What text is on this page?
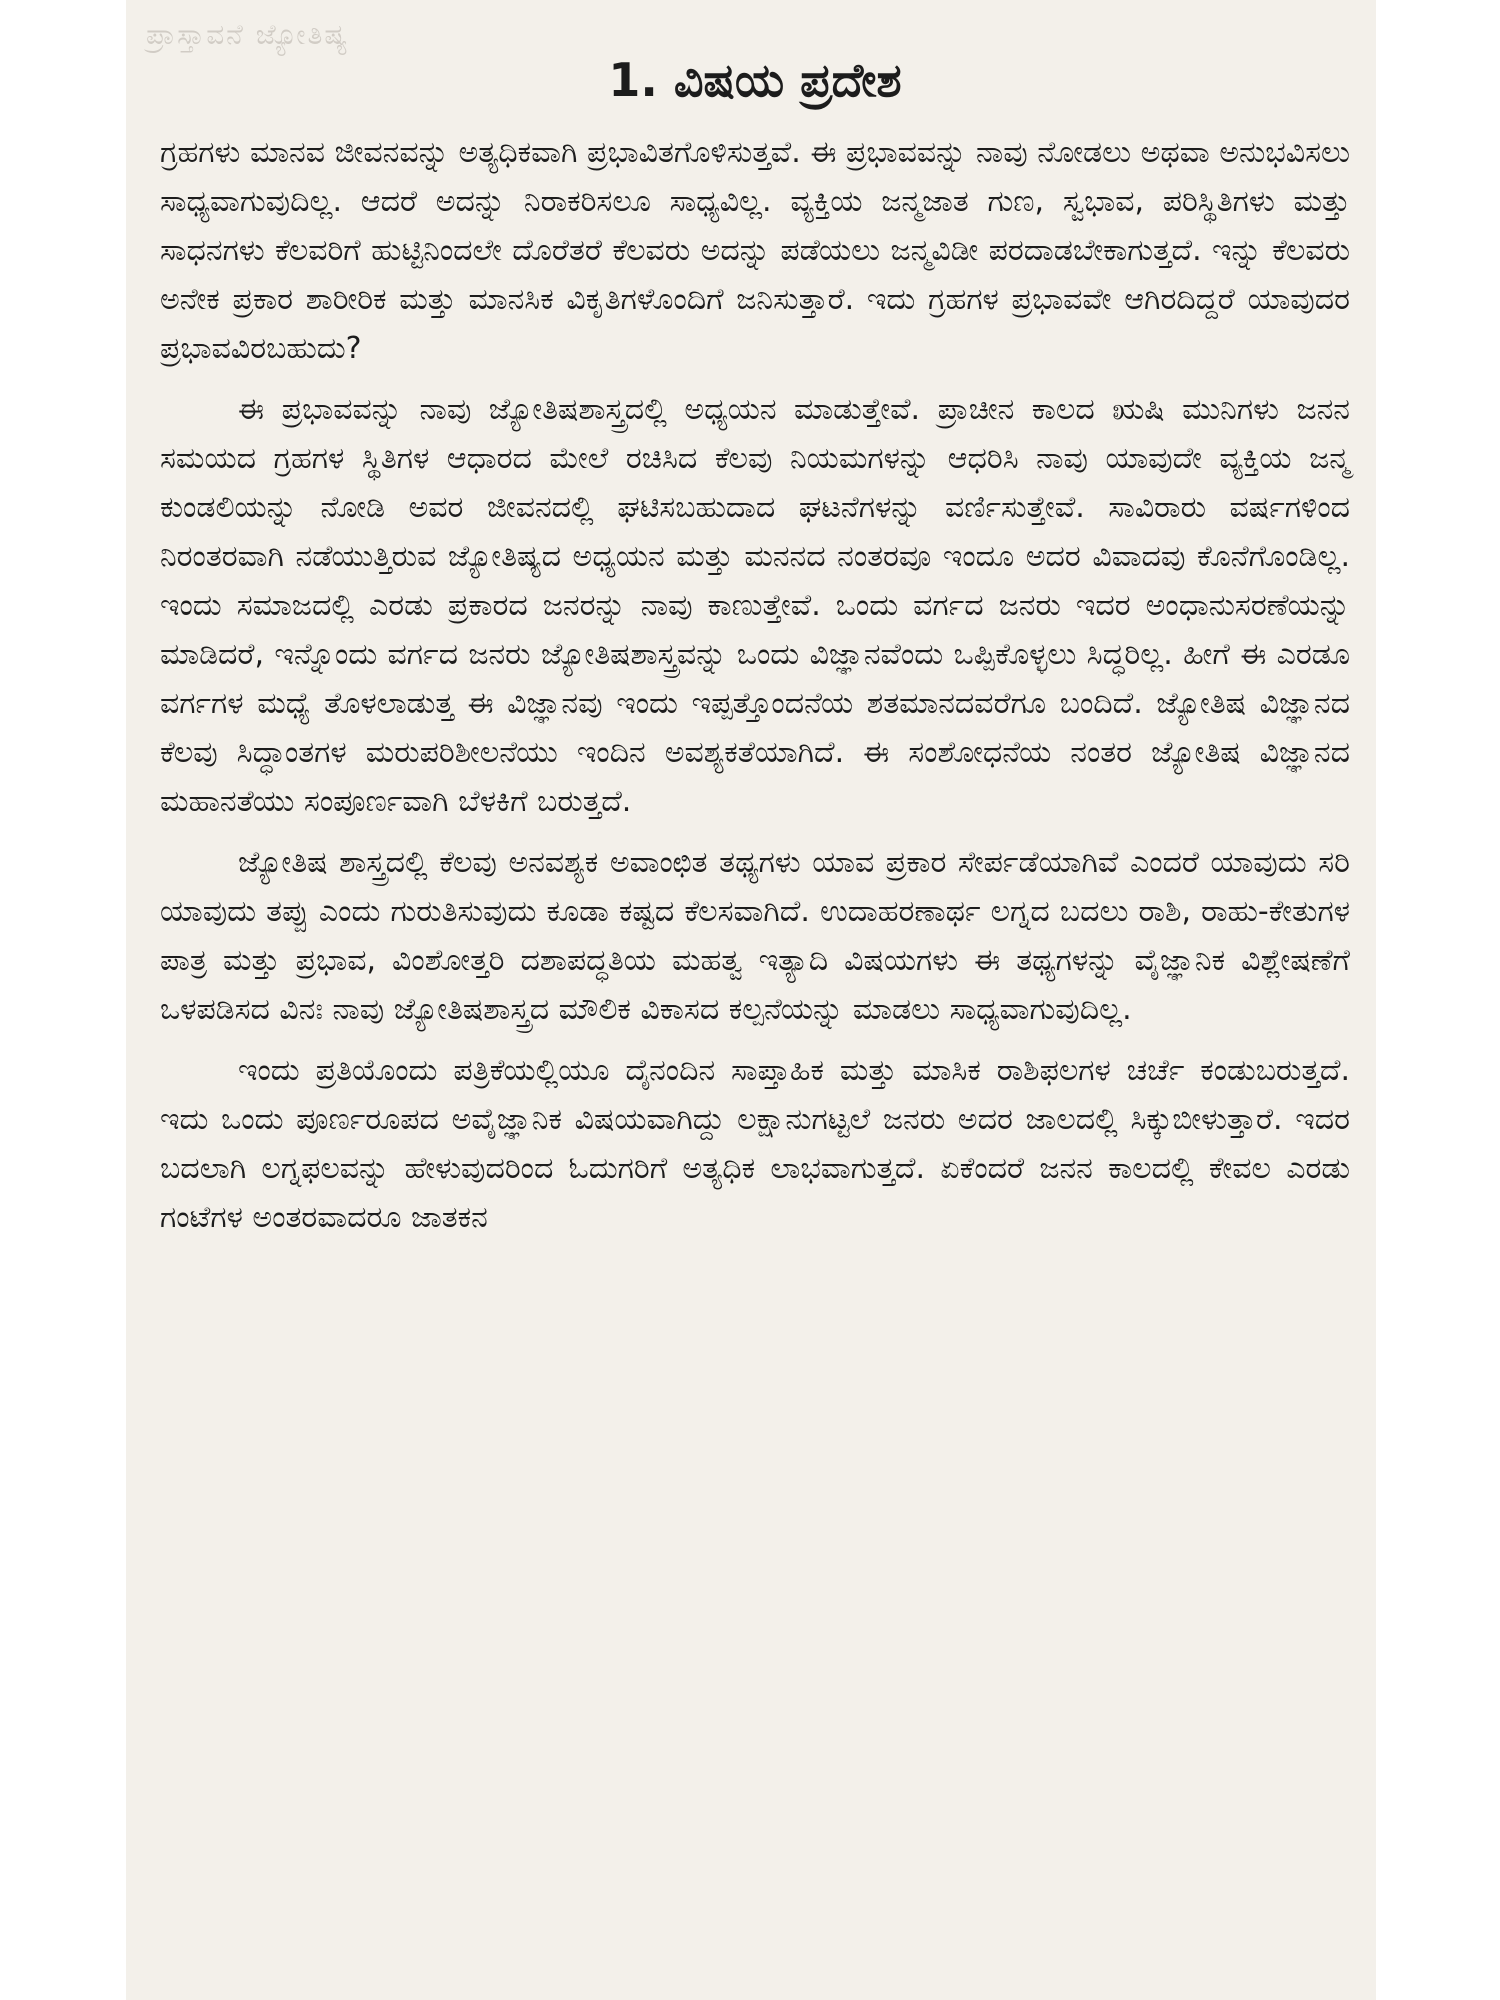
ಪ್ರಾಸ್ತಾವನೆ ಜ್ಯೋತಿಷ್ಯ
1. ವಿಷಯ ಪ್ರದೇಶ

ಗ್ರಹಗಳು ಮಾನವ ಜೀವನವನ್ನು ಅತ್ಯಧಿಕವಾಗಿ ಪ್ರಭಾವಿತಗೊಳಿಸುತ್ತವೆ. ಈ ಪ್ರಭಾವವನ್ನು ನಾವು ನೋಡಲು ಅಥವಾ ಅನುಭವಿಸಲು ಸಾಧ್ಯವಾಗುವುದಿಲ್ಲ. ಆದರೆ ಅದನ್ನು ನಿರಾಕರಿಸಲೂ ಸಾಧ್ಯವಿಲ್ಲ. ವ್ಯಕ್ತಿಯ ಜನ್ಮಜಾತ ಗುಣ, ಸ್ವಭಾವ, ಪರಿಸ್ಥಿತಿಗಳು ಮತ್ತು ಸಾಧನಗಳು ಕೆಲವರಿಗೆ ಹುಟ್ಟಿನಿಂದಲೇ ದೊರೆತರೆ ಕೆಲವರು ಅದನ್ನು ಪಡೆಯಲು ಜನ್ಮವಿಡೀ ಪರದಾಡಬೇಕಾಗುತ್ತದೆ. ಇನ್ನು ಕೆಲವರು ಅನೇಕ ಪ್ರಕಾರ ಶಾರೀರಿಕ ಮತ್ತು ಮಾನಸಿಕ ವಿಕೃತಿಗಳೊಂದಿಗೆ ಜನಿಸುತ್ತಾರೆ. ಇದು ಗ್ರಹಗಳ ಪ್ರಭಾವವೇ ಆಗಿರದಿದ್ದರೆ ಯಾವುದರ ಪ್ರಭಾವವಿರಬಹುದು?

ಈ ಪ್ರಭಾವವನ್ನು ನಾವು ಜ್ಯೋತಿಷಶಾಸ್ತ್ರದಲ್ಲಿ ಅಧ್ಯಯನ ಮಾಡುತ್ತೇವೆ. ಪ್ರಾಚೀನ ಕಾಲದ ಋಷಿ ಮುನಿಗಳು ಜನನ ಸಮಯದ ಗ್ರಹಗಳ ಸ್ಥಿತಿಗಳ ಆಧಾರದ ಮೇಲೆ ರಚಿಸಿದ ಕೆಲವು ನಿಯಮಗಳನ್ನು ಆಧರಿಸಿ ನಾವು ಯಾವುದೇ ವ್ಯಕ್ತಿಯ ಜನ್ಮ ಕುಂಡಲಿಯನ್ನು ನೋಡಿ ಅವರ ಜೀವನದಲ್ಲಿ ಘಟಿಸಬಹುದಾದ ಘಟನೆಗಳನ್ನು ವರ್ಣಿಸುತ್ತೇವೆ. ಸಾವಿರಾರು ವರ್ಷಗಳಿಂದ ನಿರಂತರವಾಗಿ ನಡೆಯುತ್ತಿರುವ ಜ್ಯೋತಿಷ್ಯದ ಅಧ್ಯಯನ ಮತ್ತು ಮನನದ ನಂತರವೂ ಇಂದೂ ಅದರ ವಿವಾದವು ಕೊನೆಗೊಂಡಿಲ್ಲ. ಇಂದು ಸಮಾಜದಲ್ಲಿ ಎರಡು ಪ್ರಕಾರದ ಜನರನ್ನು ನಾವು ಕಾಣುತ್ತೇವೆ. ಒಂದು ವರ್ಗದ ಜನರು ಇದರ ಅಂಧಾನುಸರಣೆಯನ್ನು ಮಾಡಿದರೆ, ಇನ್ನೊಂದು ವರ್ಗದ ಜನರು ಜ್ಯೋತಿಷಶಾಸ್ತ್ರವನ್ನು ಒಂದು ವಿಜ್ಞಾನವೆಂದು ಒಪ್ಪಿಕೊಳ್ಳಲು ಸಿದ್ಧರಿಲ್ಲ. ಹೀಗೆ ಈ ಎರಡೂ ವರ್ಗಗಳ ಮಧ್ಯೆ ತೊಳಲಾಡುತ್ತ ಈ ವಿಜ್ಞಾನವು ಇಂದು ಇಪ್ಪತ್ತೊಂದನೆಯ ಶತಮಾನದವರೆಗೂ ಬಂದಿದೆ. ಜ್ಯೋತಿಷ ವಿಜ್ಞಾನದ ಕೆಲವು ಸಿದ್ಧಾಂತಗಳ ಮರುಪರಿಶೀಲನೆಯು ಇಂದಿನ ಅವಶ್ಯಕತೆಯಾಗಿದೆ. ಈ ಸಂಶೋಧನೆಯ ನಂತರ ಜ್ಯೋತಿಷ ವಿಜ್ಞಾನದ ಮಹಾನತೆಯು ಸಂಪೂರ್ಣವಾಗಿ ಬೆಳಕಿಗೆ ಬರುತ್ತದೆ.

ಜ್ಯೋತಿಷ ಶಾಸ್ತ್ರದಲ್ಲಿ ಕೆಲವು ಅನವಶ್ಯಕ ಅವಾಂಛಿತ ತಥ್ಯಗಳು ಯಾವ ಪ್ರಕಾರ ಸೇರ್ಪಡೆಯಾಗಿವೆ ಎಂದರೆ ಯಾವುದು ಸರಿ ಯಾವುದು ತಪ್ಪು ಎಂದು ಗುರುತಿಸುವುದು ಕೂಡಾ ಕಷ್ಟದ ಕೆಲಸವಾಗಿದೆ. ಉದಾಹರಣಾರ್ಥ ಲಗ್ನದ ಬದಲು ರಾಶಿ, ರಾಹು-ಕೇತುಗಳ ಪಾತ್ರ ಮತ್ತು ಪ್ರಭಾವ, ವಿಂಶೋತ್ತರಿ ದಶಾಪದ್ಧತಿಯ ಮಹತ್ವ ಇತ್ಯಾದಿ ವಿಷಯಗಳು ಈ ತಥ್ಯಗಳನ್ನು ವೈಜ್ಞಾನಿಕ ವಿಶ್ಲೇಷಣೆಗೆ ಒಳಪಡಿಸದ ವಿನಃ ನಾವು ಜ್ಯೋತಿಷಶಾಸ್ತ್ರದ ಮೌಲಿಕ ವಿಕಾಸದ ಕಲ್ಪನೆಯನ್ನು ಮಾಡಲು ಸಾಧ್ಯವಾಗುವುದಿಲ್ಲ.

ಇಂದು ಪ್ರತಿಯೊಂದು ಪತ್ರಿಕೆಯಲ್ಲಿಯೂ ದೈನಂದಿನ ಸಾಪ್ತಾಹಿಕ ಮತ್ತು ಮಾಸಿಕ ರಾಶಿಫಲಗಳ ಚರ್ಚೆ ಕಂಡುಬರುತ್ತದೆ. ಇದು ಒಂದು ಪೂರ್ಣರೂಪದ ಅವೈಜ್ಞಾನಿಕ ವಿಷಯವಾಗಿದ್ದು ಲಕ್ಷಾನುಗಟ್ಟಲೆ ಜನರು ಅದರ ಜಾಲದಲ್ಲಿ ಸಿಕ್ಕುಬೀಳುತ್ತಾರೆ. ಇದರ ಬದಲಾಗಿ ಲಗ್ನಫಲವನ್ನು ಹೇಳುವುದರಿಂದ ಓದುಗರಿಗೆ ಅತ್ಯಧಿಕ ಲಾಭವಾಗುತ್ತದೆ. ಏಕೆಂದರೆ ಜನನ ಕಾಲದಲ್ಲಿ ಕೇವಲ ಎರಡು ಗಂಟೆಗಳ ಅಂತರವಾದರೂ ಜಾತಕನ
